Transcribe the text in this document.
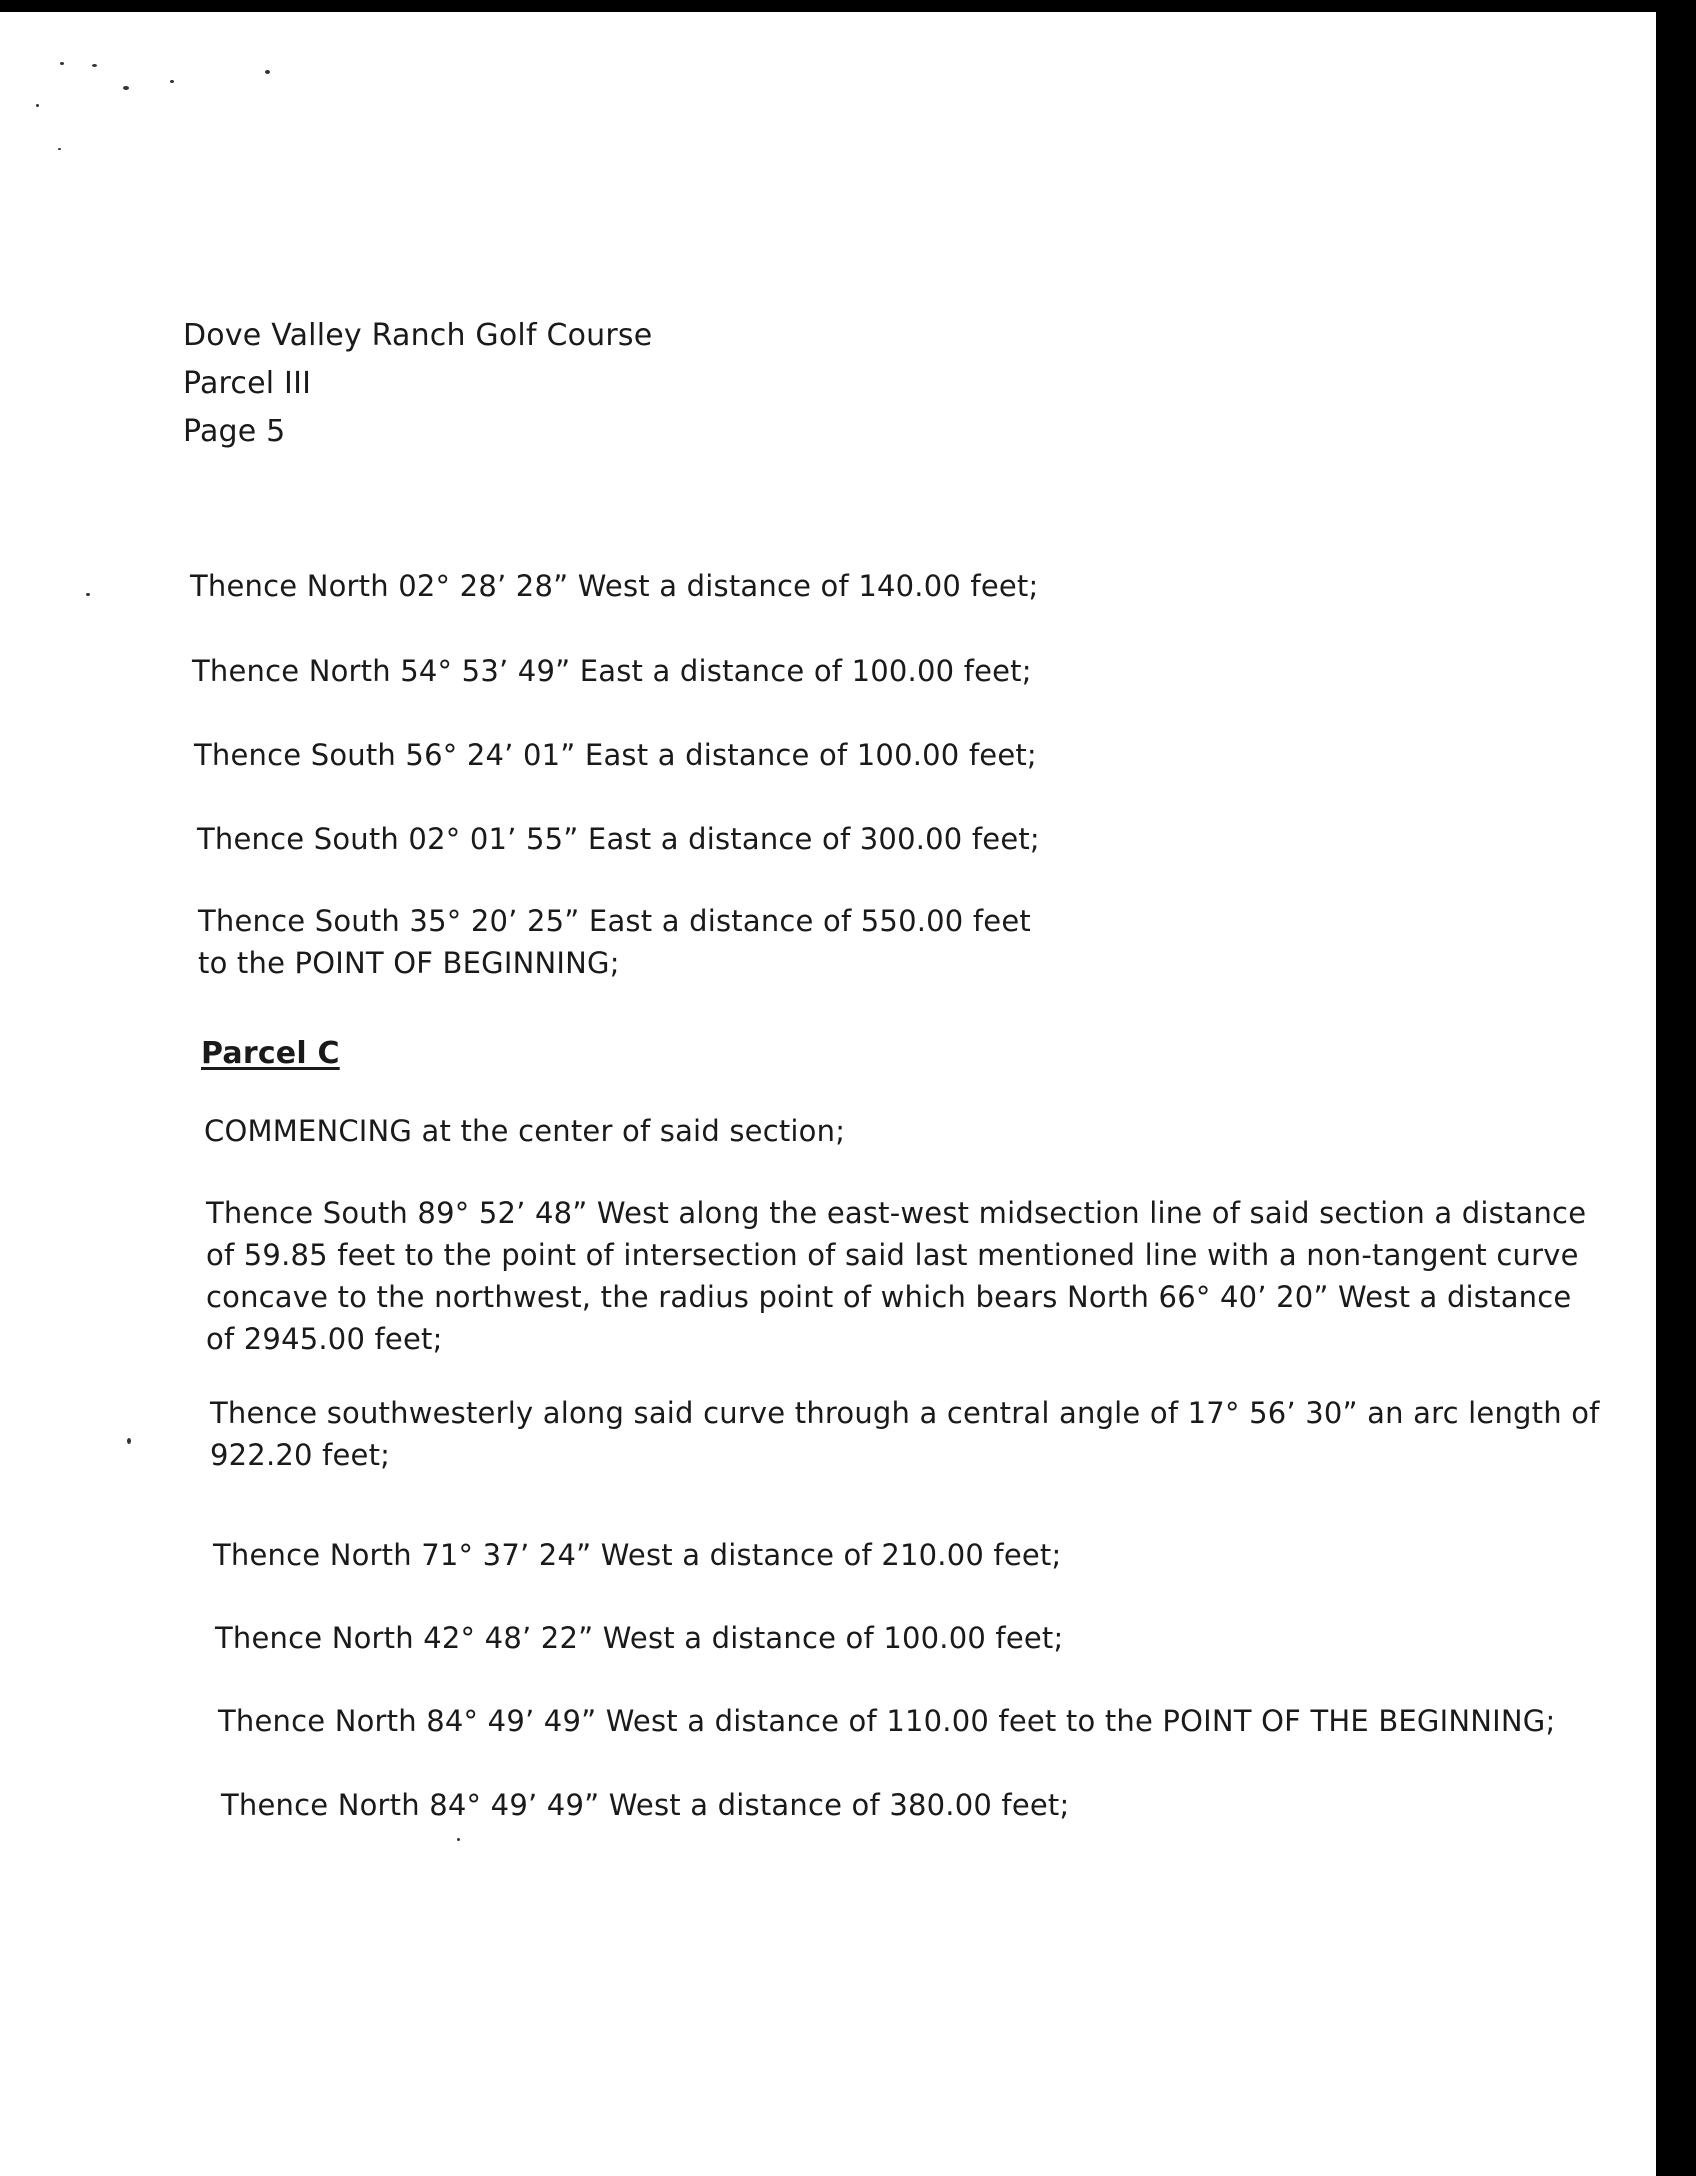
Dove Valley Ranch Golf Course
Parcel III
Page 5
Thence North 02° 28’ 28” West a distance of 140.00 feet;
Thence North 54° 53’ 49” East a distance of 100.00 feet;
Thence South 56° 24’ 01” East a distance of 100.00 feet;
Thence South 02° 01’ 55” East a distance of 300.00 feet;
Thence South 35° 20’ 25” East a distance of 550.00 feet
to the POINT OF BEGINNING;
Parcel C
COMMENCING at the center of said section;
Thence South 89° 52’ 48” West along the east-west midsection line of said section a distance
of 59.85 feet to the point of intersection of said last mentioned line with a non-tangent curve
concave to the northwest, the radius point of which bears North 66° 40’ 20” West a distance
of 2945.00 feet;
Thence southwesterly along said curve through a central angle of 17° 56’ 30” an arc length of
922.20 feet;
Thence North 71° 37’ 24” West a distance of 210.00 feet;
Thence North 42° 48’ 22” West a distance of 100.00 feet;
Thence North 84° 49’ 49” West a distance of 110.00 feet to the POINT OF THE BEGINNING;
Thence North 84° 49’ 49” West a distance of 380.00 feet;
